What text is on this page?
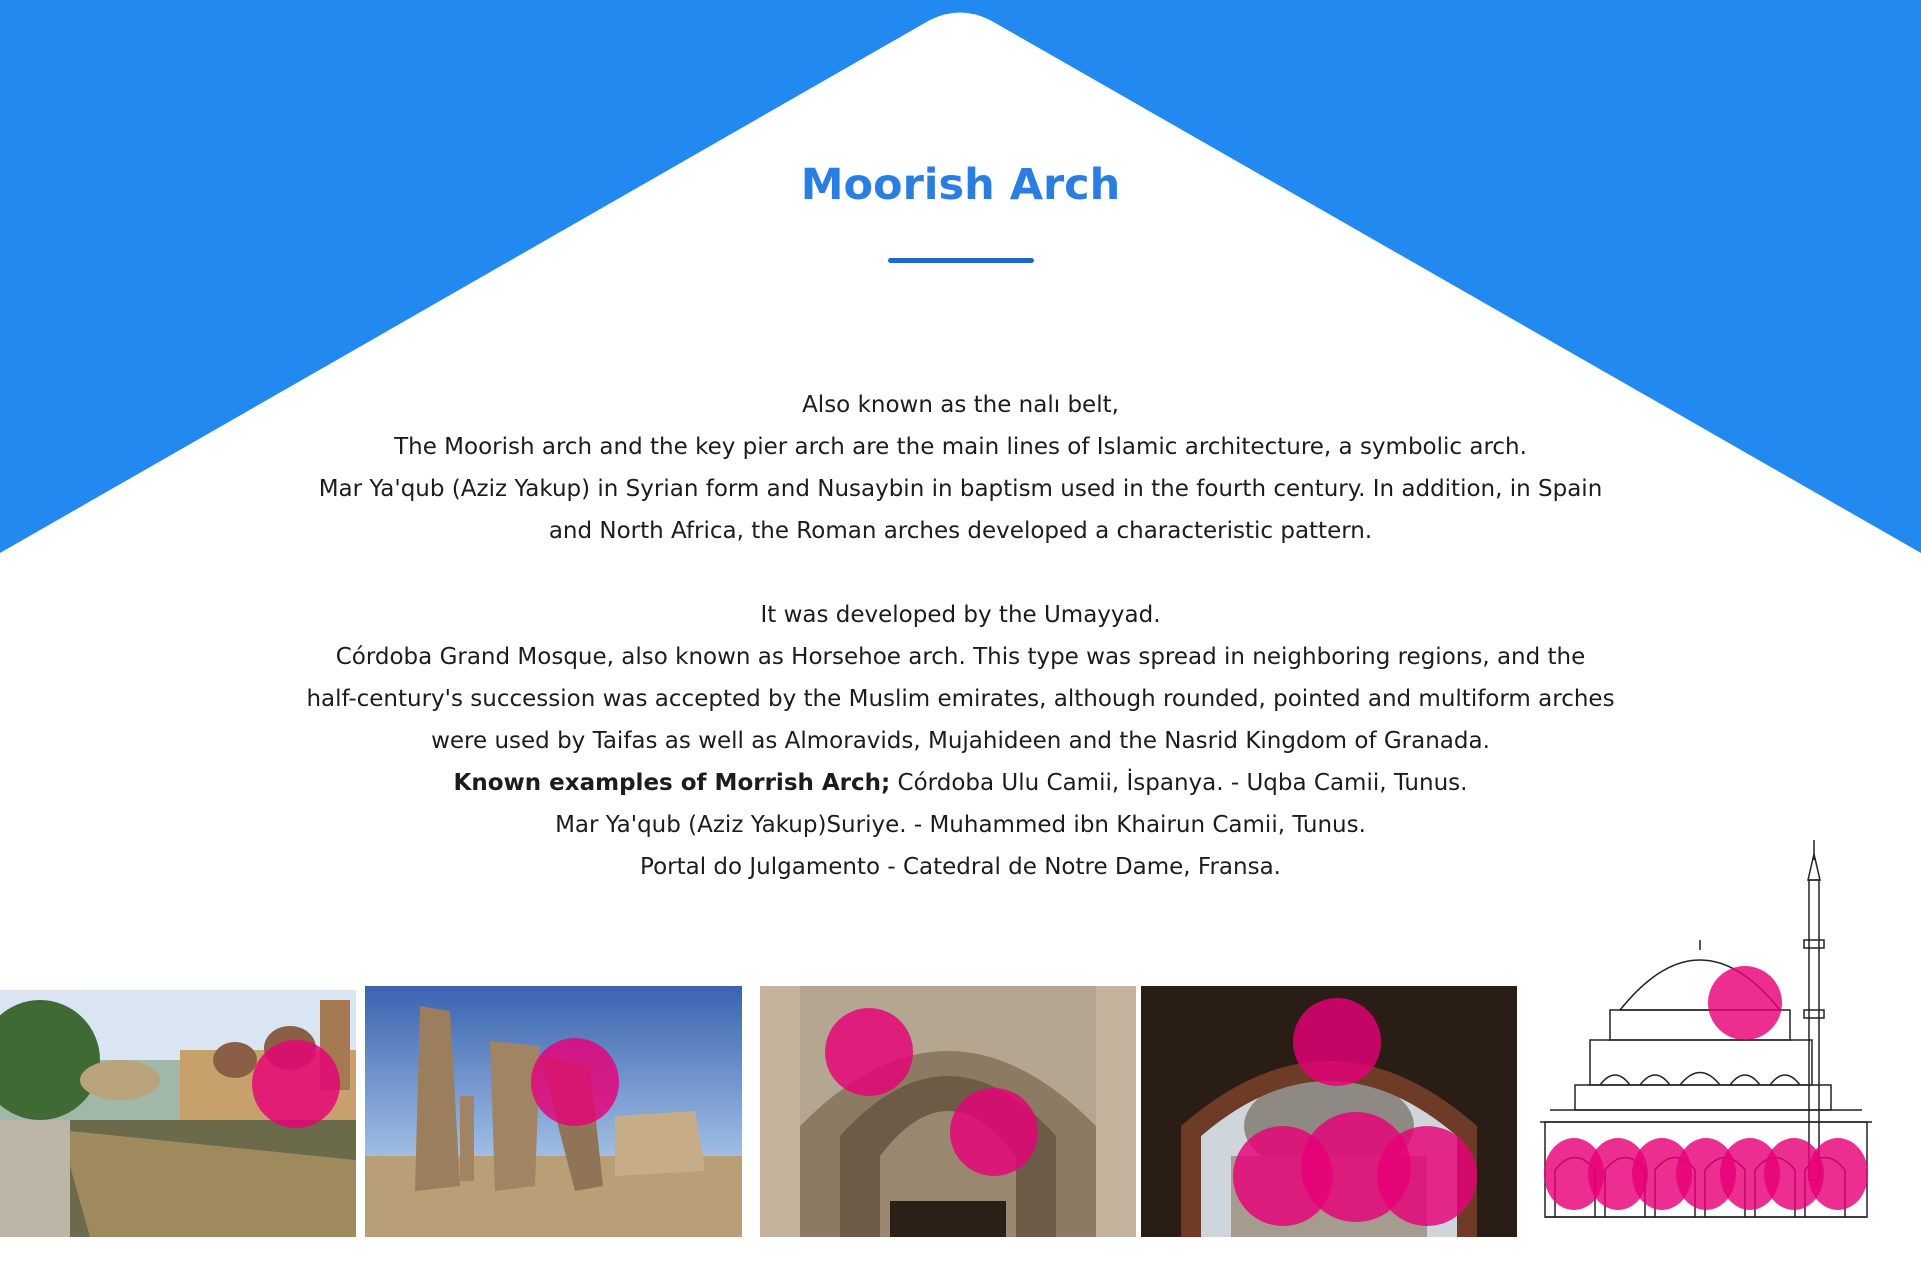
Moorish Arch
Also known as the nalı belt,
The Moorish arch and the key pier arch are the main lines of Islamic architecture, a symbolic arch.
Mar Ya'qub (Aziz Yakup) in Syrian form and Nusaybin in baptism used in the fourth century. In addition, in Spain
and North Africa, the Roman arches developed a characteristic pattern.
It was developed by the Umayyad.
Córdoba Grand Mosque, also known as Horsehoe arch. This type was spread in neighboring regions, and the
half-century's succession was accepted by the Muslim emirates, although rounded, pointed and multiform arches
were used by Taifas as well as Almoravids, Mujahideen and the Nasrid Kingdom of Granada.
Known examples of Morrish Arch; Córdoba Ulu Camii, İspanya. - Uqba Camii, Tunus.
Mar Ya'qub (Aziz Yakup)Suriye. - Muhammed ibn Khairun Camii, Tunus.
Portal do Julgamento - Catedral de Notre Dame, Fransa.
